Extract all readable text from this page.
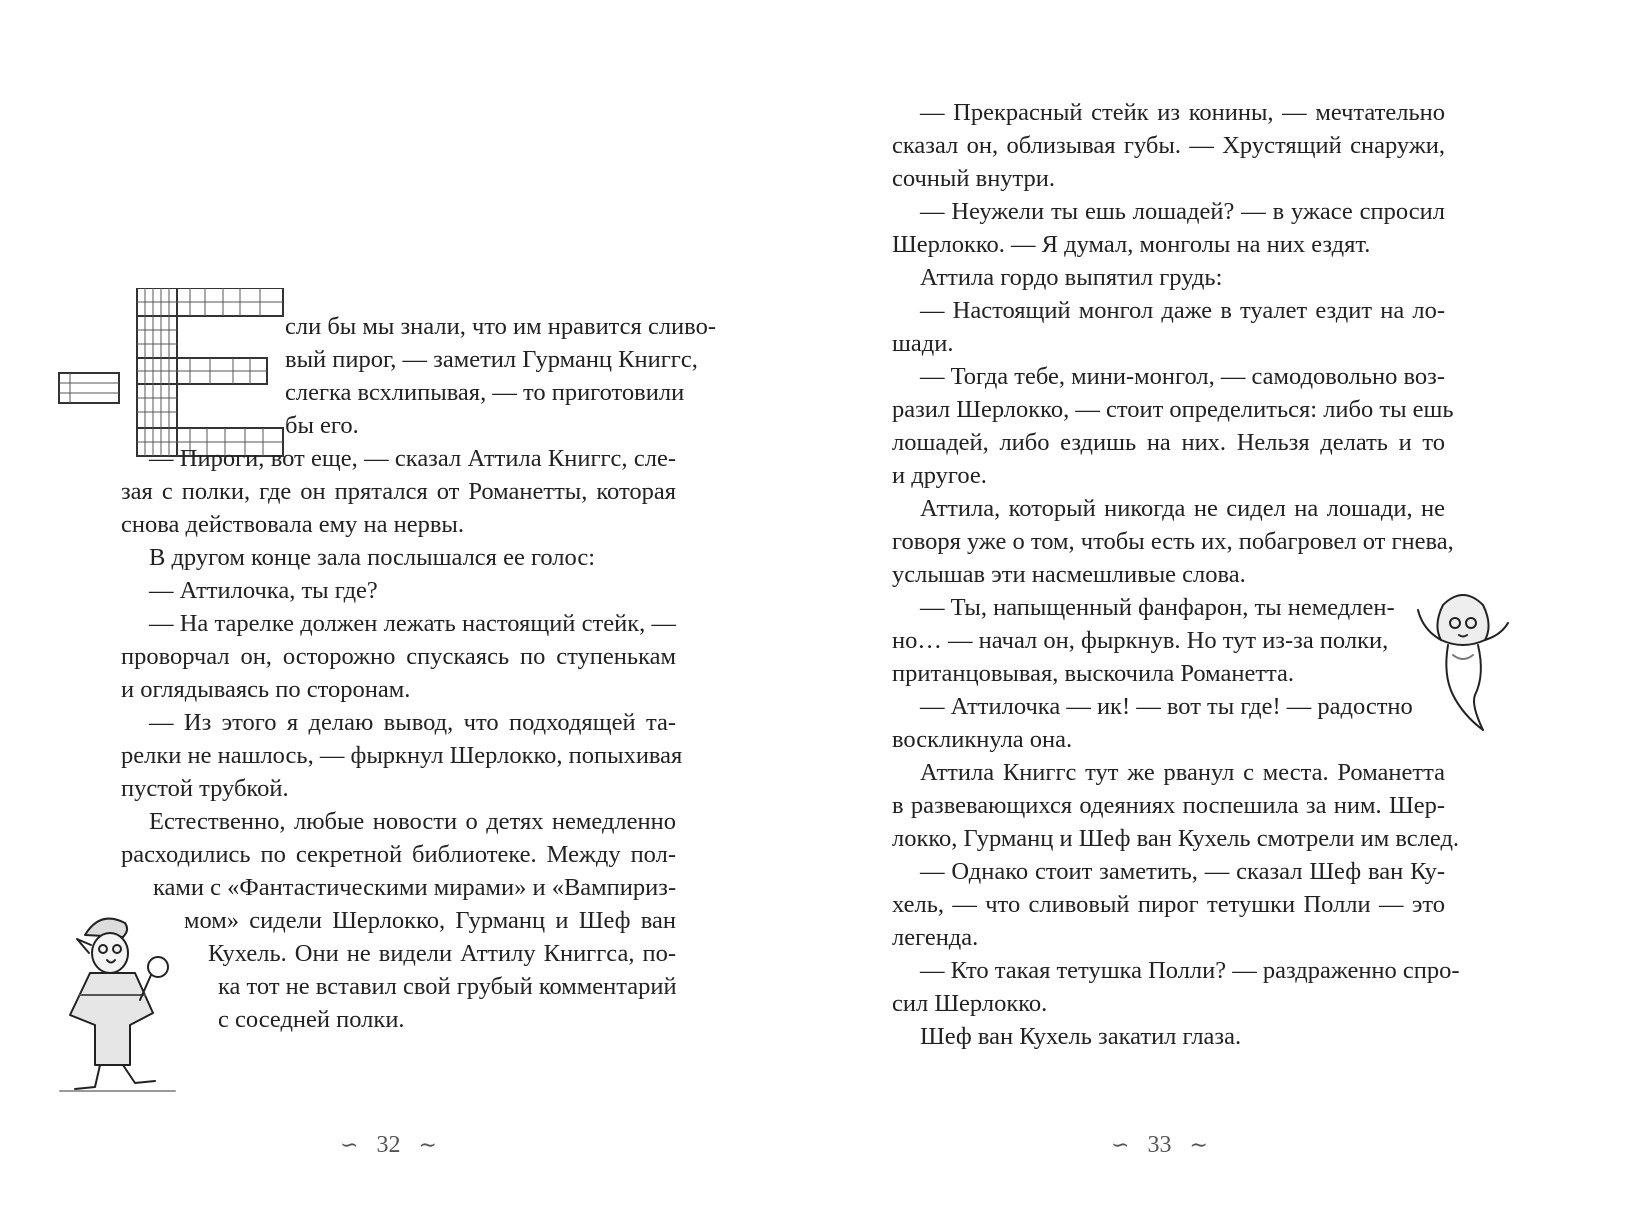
сли бы мы знали, что им нравится сливо-
вый пирог, — заметил Гурманц Книггс,
слегка всхлипывая, — то приготовили
бы его.
— Пироги, вот еще, — сказал Аттила Книггс, сле-
зая с полки, где он прятался от Романетты, которая
снова действовала ему на нервы.
В другом конце зала послышался ее голос:
— Аттилочка, ты где?
— На тарелке должен лежать настоящий стейк, —
проворчал он, осторожно спускаясь по ступенькам
и оглядываясь по сторонам.
— Из этого я делаю вывод, что подходящей та-
релки не нашлось, — фыркнул Шерлокко, попыхивая
пустой трубкой.
Естественно, любые новости о детях немедленно
расходились по секретной библиотеке. Между пол-
ками с «Фантастическими мирами» и «Вампириз-
мом» сидели Шерлокко, Гурманц и Шеф ван
Кухель. Они не видели Аттилу Книггса, по-
ка тот не вставил свой грубый комментарий
с соседней полки.
∽ 32 ∼
— Прекрасный стейк из конины, — мечтательно
сказал он, облизывая губы. — Хрустящий снаружи,
сочный внутри.
— Неужели ты ешь лошадей? — в ужасе спросил
Шерлокко. — Я думал, монголы на них ездят.
Аттила гордо выпятил грудь:
— Настоящий монгол даже в туалет ездит на ло-
шади.
— Тогда тебе, мини-монгол, — самодовольно воз-
разил Шерлокко, — стоит определиться: либо ты ешь
лошадей, либо ездишь на них. Нельзя делать и то
и другое.
Аттила, который никогда не сидел на лошади, не
говоря уже о том, чтобы есть их, побагровел от гнева,
услышав эти насмешливые слова.
— Ты, напыщенный фанфарон, ты немедлен-
но… — начал он, фыркнув. Но тут из-за полки,
пританцовывая, выскочила Романетта.
— Аттилочка — ик! — вот ты где! — радостно
воскликнула она.
Аттила Книггс тут же рванул с места. Романетта
в развевающихся одеяниях поспешила за ним. Шер-
локко, Гурманц и Шеф ван Кухель смотрели им вслед.
— Однако стоит заметить, — сказал Шеф ван Ку-
хель, — что сливовый пирог тетушки Полли — это
легенда.
— Кто такая тетушка Полли? — раздраженно спро-
сил Шерлокко.
Шеф ван Кухель закатил глаза.
∽ 33 ∼
